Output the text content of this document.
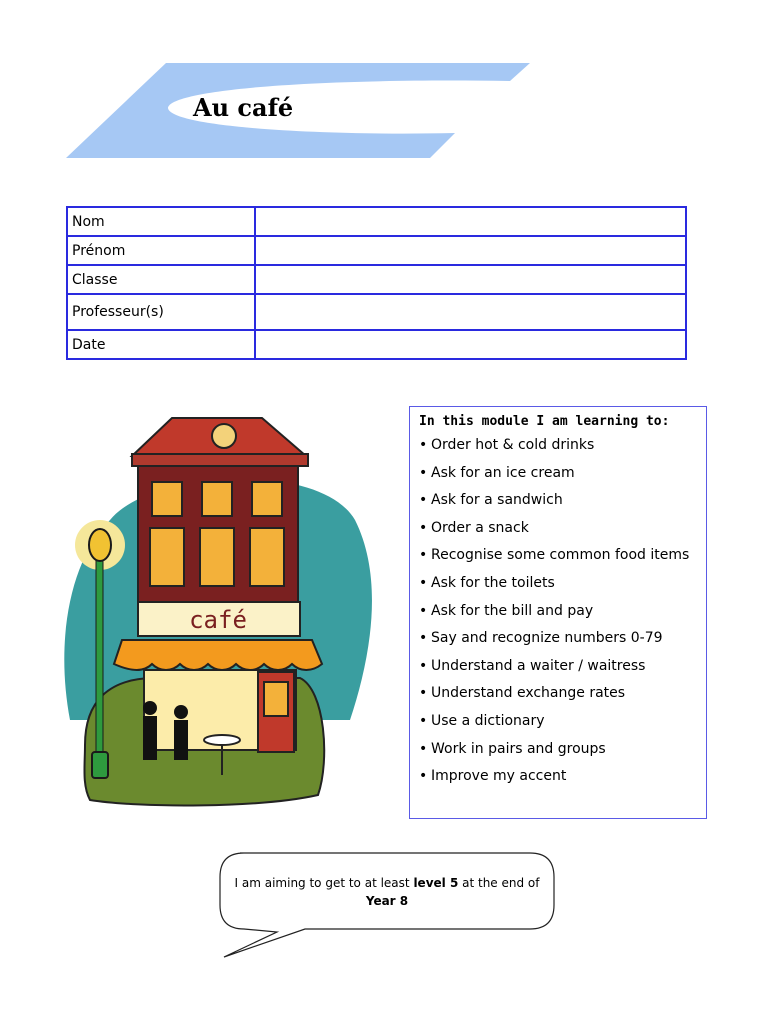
Au café
Nom	
Prénom	
Classe	
Professeur(s)	
Date	
café
In this module I am learning to:
• Order hot & cold drinks
• Ask for an ice cream
• Ask for a sandwich
• Order a snack
• Recognise some common food items
• Ask for the toilets
• Ask for the bill and pay
• Say and recognize numbers 0-79
• Understand a waiter / waitress
• Understand exchange rates
• Use a dictionary
• Work in pairs and groups
• Improve my accent
I am aiming to get to at least level 5 at the end of Year 8
